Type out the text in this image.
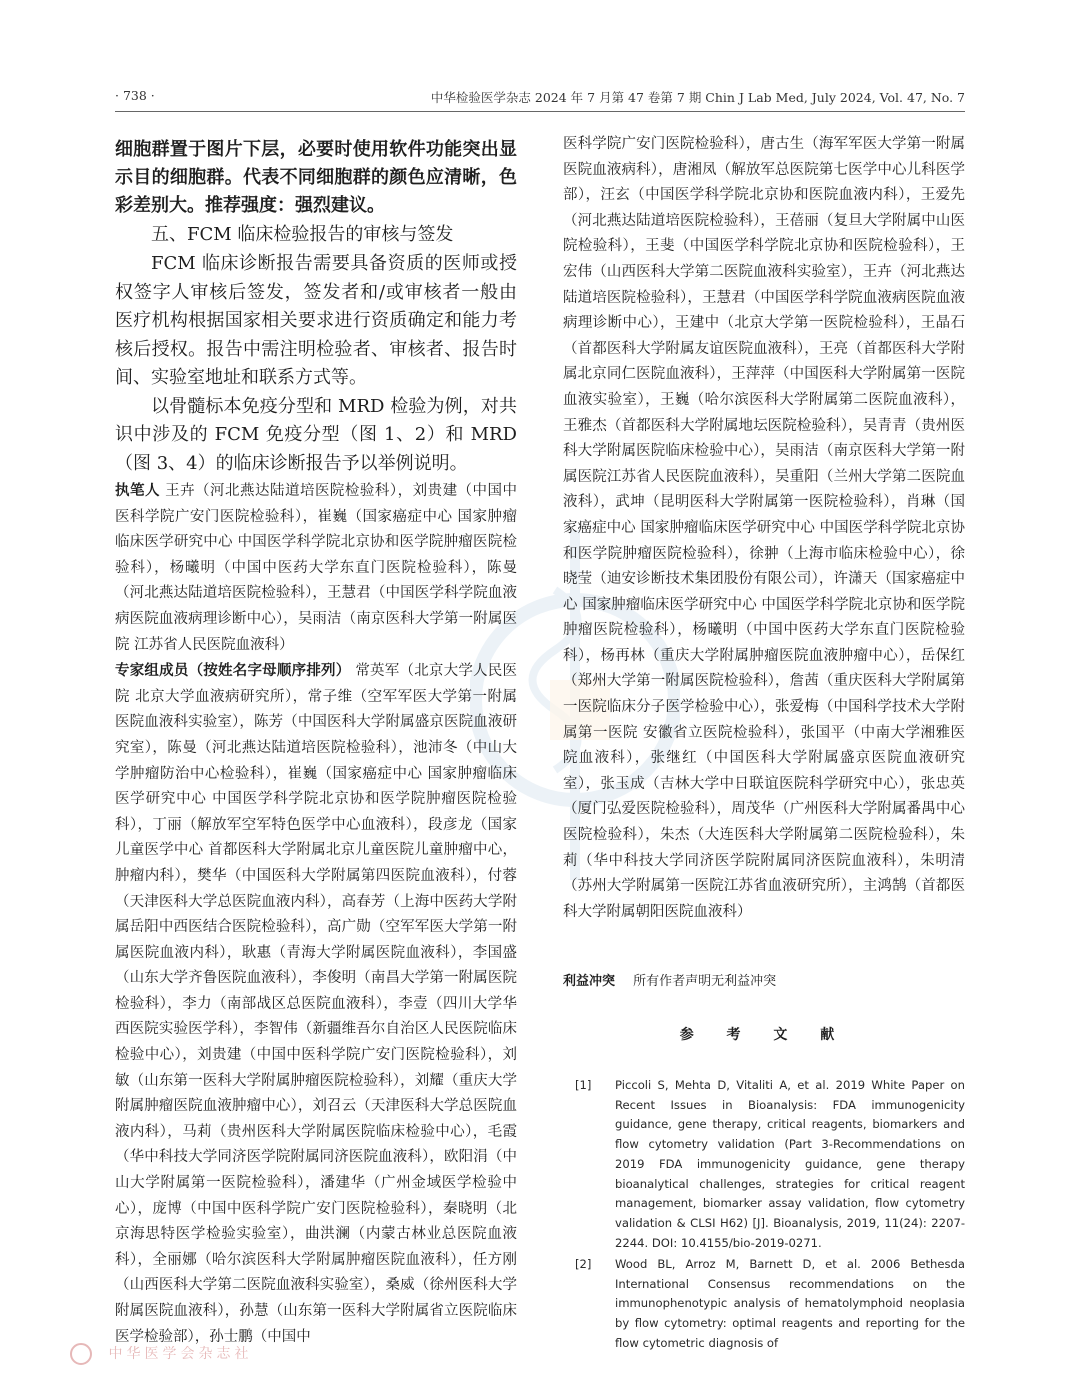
· 738 ·	中华检验医学杂志 2024 年 7 月第 47 卷第 7 期 Chin J Lab Med, July 2024, Vol. 47, No. 7

细胞群置于图片下层，必要时使用软件功能突出显示目的细胞群。代表不同细胞群的颜色应清晰，色彩差别大。推荐强度：强烈建议。

五、FCM 临床检验报告的审核与签发

FCM 临床诊断报告需要具备资质的医师或授权签字人审核后签发，签发者和/或审核者一般由医疗机构根据国家相关要求进行资质确定和能力考核后授权。报告中需注明检验者、审核者、报告时间、实验室地址和联系方式等。

以骨髓标本免疫分型和 MRD 检验为例，对共识中涉及的 FCM 免疫分型（图 1、2）和 MRD（图 3、4）的临床诊断报告予以举例说明。

执笔人 王卉（河北燕达陆道培医院检验科），刘贵建（中国中医科学院广安门医院检验科），崔巍（国家癌症中心 国家肿瘤临床医学研究中心 中国医学科学院北京协和医学院肿瘤医院检验科），杨曦明（中国中医药大学东直门医院检验科），陈曼（河北燕达陆道培医院检验科），王慧君（中国医学科学院血液病医院血液病理诊断中心），吴雨洁（南京医科大学第一附属医院 江苏省人民医院血液科）

专家组成员（按姓名字母顺序排列） 常英军（北京大学人民医院 北京大学血液病研究所），常子维（空军军医大学第一附属医院血液科实验室），陈芳（中国医科大学附属盛京医院血液研究室），陈曼（河北燕达陆道培医院检验科），池沛冬（中山大学肿瘤防治中心检验科），崔巍（国家癌症中心 国家肿瘤临床医学研究中心 中国医学科学院北京协和医学院肿瘤医院检验科），丁丽（解放军空军特色医学中心血液科），段彦龙（国家儿童医学中心 首都医科大学附属北京儿童医院儿童肿瘤中心，肿瘤内科），樊华（中国医科大学附属第四医院血液科），付蓉（天津医科大学总医院血液内科），高春芳（上海中医药大学附属岳阳中西医结合医院检验科），高广勋（空军军医大学第一附属医院血液内科），耿惠（青海大学附属医院血液科），李国盛（山东大学齐鲁医院血液科），李俊明（南昌大学第一附属医院检验科），李力（南部战区总医院血液科），李壹（四川大学华西医院实验医学科），李智伟（新疆维吾尔自治区人民医院临床检验中心），刘贵建（中国中医科学院广安门医院检验科），刘敏（山东第一医科大学附属肿瘤医院检验科），刘耀（重庆大学附属肿瘤医院血液肿瘤中心），刘召云（天津医科大学总医院血液内科），马莉（贵州医科大学附属医院临床检验中心），毛霞（华中科技大学同济医学院附属同济医院血液科），欧阳涓（中山大学附属第一医院检验科），潘建华（广州金域医学检验中心），庞博（中国中医科学院广安门医院检验科），秦晓明（北京海思特医学检验实验室），曲洪澜（内蒙古林业总医院血液科），全丽娜（哈尔滨医科大学附属肿瘤医院血液科），任方刚（山西医科大学第二医院血液科实验室），桑威（徐州医科大学附属医院血液科），孙慧（山东第一医科大学附属省立医院临床医学检验部），孙士鹏（中国中

医科学院广安门医院检验科），唐古生（海军军医大学第一附属医院血液病科），唐湘凤（解放军总医院第七医学中心儿科医学部），汪玄（中国医学科学院北京协和医院血液内科），王爱先（河北燕达陆道培医院检验科），王蓓丽（复旦大学附属中山医院检验科），王斐（中国医学科学院北京协和医院检验科），王宏伟（山西医科大学第二医院血液科实验室），王卉（河北燕达陆道培医院检验科），王慧君（中国医学科学院血液病医院血液病理诊断中心），王建中（北京大学第一医院检验科），王晶石（首都医科大学附属友谊医院血液科），王亮（首都医科大学附属北京同仁医院血液科），王萍萍（中国医科大学附属第一医院血液实验室），王巍（哈尔滨医科大学附属第二医院血液科），王雅杰（首都医科大学附属地坛医院检验科），吴青青（贵州医科大学附属医院临床检验中心），吴雨洁（南京医科大学第一附属医院江苏省人民医院血液科），吴重阳（兰州大学第二医院血液科），武坤（昆明医科大学附属第一医院检验科），肖琳（国家癌症中心 国家肿瘤临床医学研究中心 中国医学科学院北京协和医学院肿瘤医院检验科），徐翀（上海市临床检验中心），徐晓莹（迪安诊断技术集团股份有限公司），许潇天（国家癌症中心 国家肿瘤临床医学研究中心 中国医学科学院北京协和医学院肿瘤医院检验科），杨曦明（中国中医药大学东直门医院检验科），杨再林（重庆大学附属肿瘤医院血液肿瘤中心），岳保红（郑州大学第一附属医院检验科），詹茜（重庆医科大学附属第一医院临床分子医学检验中心），张爱梅（中国科学技术大学附属第一医院 安徽省立医院检验科），张国平（中南大学湘雅医院血液科），张继红（中国医科大学附属盛京医院血液研究室），张玉成（吉林大学中日联谊医院科学研究中心），张忠英（厦门弘爱医院检验科），周茂华（广州医科大学附属番禺中心医院检验科），朱杰（大连医科大学附属第二医院检验科），朱莉（华中科技大学同济医学院附属同济医院血液科），朱明清（苏州大学附属第一医院江苏省血液研究所），主鸿鹄（首都医科大学附属朝阳医院血液科）

利益冲突 所有作者声明无利益冲突
参 考 文 献
[1] Piccoli S, Mehta D, Vitaliti A, et al. 2019 White Paper on Recent Issues in Bioanalysis: FDA immunogenicity guidance, gene therapy, critical reagents, biomarkers and flow cytometry validation (Part 3-Recommendations on 2019 FDA immunogenicity guidance, gene therapy bioanalytical challenges, strategies for critical reagent management, biomarker assay validation, flow cytometry validation & CLSI H62) [J]. Bioanalysis, 2019, 11(24): 2207-2244. DOI: 10.4155/bio-2019-0271.
[2] Wood BL, Arroz M, Barnett D, et al. 2006 Bethesda International Consensus recommendations on the immunophenotypic analysis of hematolymphoid neoplasia by flow cytometry: optimal reagents and reporting for the flow cytometric diagnosis of
中华医学会杂志社
